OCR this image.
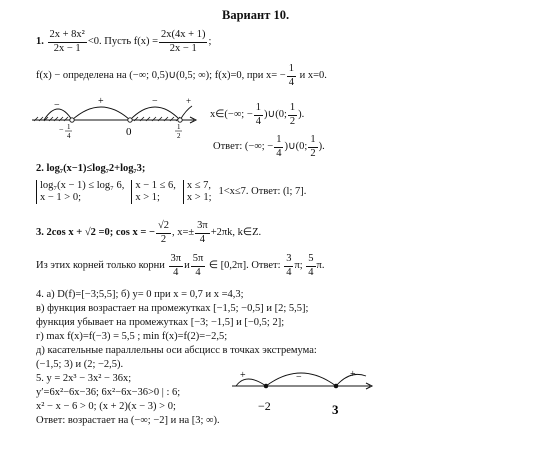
Вариант 10.
1.
$\frac{\text{2x + 8x²}}{2x - 1} <0$. Пусть $f(x) = \frac{2x(4x + 1)}{2x - 1}$ ;
f(x) − определена на (−∞; 0,5)∪(0,5; ∞); f(x)=0, при $x= - \frac{1}{4}$
и x=0.
−	+	−	+
− 1
4	0	1
2
x∈(−∞; − $\frac{1}{4}$ )∪(0; $\frac{1}{2}$ ).
Ответ: (−∞; − $\frac{1}{4}$ )∪(0; $\frac{1}{2}$ ).
2. log₇(x−1)≤log₇2+log₇3;
log₇(x − 1) ≤ log₇ 6,
x − 1 > 0;
x − 1 ≤ 6,
x > 1;
x ≤ 7,
x > 1;
1<x≤7. Ответ: (l; 7].
3. 2cos x + √2 =0; cos x = − $\frac{√2}{2}$ , $x=\pm \frac{3\pi}{4} +2\pi k$, k∈Z.
Из этих корней только корни
$\frac{3\pi}{4}$ и $\frac{5\pi}{4}$
∈ [0,2π]. Ответ:
$\frac{3}{4} \pi$;
$\frac{5}{4} \pi$.
4. а) D(f)=[−3;5,5]; б) y= 0 при x = 0,7 и x =4,3;
в) функция возрастает на промежутках [−1,5; −0,5] и [2; 5,5];
функция убывает на промежутках [−3; −1,5] и [−0,5; 2];
г) max f(x)=f(−3) = 5,5 ; min f(x)=f(2)=−2,5;
д) касательные параллельны оси абсцисс в точках экстремума:
(−1,5; 3) и (2; −2,5).
5. y = 2x³ − 3x² − 36x;
y′=6x²−6x−36; 6x²−6x−36>0 | : 6;
x² − x − 6 > 0; (x + 2)(x − 3) > 0;
Ответ: возрастает на (−∞; −2] и на [3; ∞).
+	−	+
−2	3
